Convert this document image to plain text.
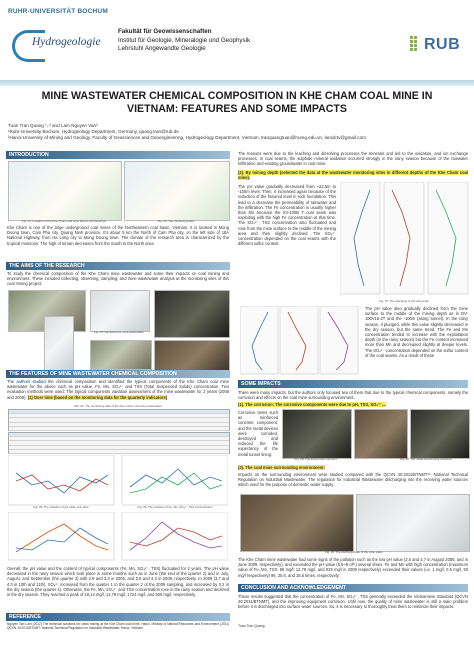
RUHR-UNIVERSITÄT BOCHUM
Hydrogeologie
Fakultät für Geowissenschaften
Institut für Geologie, Mineralogie und Geophysik
Lehrstuhl Angewandte Geologie	RUB
MINE WASTEWATER CHEMICAL COMPOSITION IN KHE CHAM COAL MINE IN VIETNAM: FEATURES AND SOME IMPACTS
Tuan Tran Quang ¹, ² and Lam Nguyen Van²
¹Ruhr-University Bochum, Hydrogeology Department, Germany, quang.tran@rub.de
²Hanoi University of Mining and Geology, Faculty of Geosciences and Geoengineering, Hydrogeology Department, Vietnam, tranquangtuan@humg.edu.vn, lamdctv@gmail.com
INTRODUCTION
Fig. 01: Location of the Khe Cham coal mine and its surroundings	Fig. 02: The monitoring sites
Khe Cham is one of the large underground coal mines of the Northeastern coal basin, Vietnam. It is located in Mong Duong town, Cam Pha city, Quang Ninh province. It's about 5 km the North of Cam Pha city, on the left side of 18A National Highway, from Ha Long city to Mong Duong town. The climate of the research area is characterized by the tropical monsoon. The high of terrain decreases from the South to the North area.
THE AIMS OF THE RESEARCH
To study the chemical composition of the Khe Cham mine wastewater and some their impacts on coal mining and environment. These included collecting, observing, sampling, and mine wastewater analysis at the monitoring sites of this coal mining project.
Fig. 03: Sampling the mine wastewater
THE FEATURES OF MINE WASTEWATER CHEMICAL COMPOSITION
The authors studied the chemical composition and identified the typical components of the Khe Cham coal mine wastewater for the above such as pH value, Fe, Mn, SO₄²⁻ and TSS (Total Suspended Solids) concentration. Two evaluation methods were used: The typical components variation assessment of the mine wastewater for 2 years (2006 and 2009). (1) Over time (based on the monitoring data for the quarterly indicators)
Tab. 01: The monitoring data of the Khe Cham coal mine wastewater
Fig. 05: The variation of pH value over time	Fig. 06: The variation of Fe, Mn, SO₄²⁻, TSS concentration
Overall, the pH value and the content of typical components (Fe, Mn, SO₄²⁻, TSS) fluctuated for 2 years. The pH value decreased in the rainy season which took place in some months such as in June (the end of the quarter 2) and in July, August, and September (the quarter 3) with 2.9 and 3.3 in 2006, and 3.6 and 3.3 in 2009, respectively. In 2009 (3.7 and 4.3 in 10th and 11th). SO₄²⁻ increased from the quarter 1 to the quarter 2 of the 2009 sampling, and increased by 0.2 in the dry season (the quarter 4). Otherwise, the Fe, Mn, SO₄²⁻ and TSS concentration rose in the rainy season and declined in the dry season. They reached a peak of 18,14 mg/l, 12,79 mg/l, 1724 mg/l, and 925 mg/l, respectively.
REFERENCE
Nguyen Van Lam (2012) The technical solutions for clean mining at the Khe Cham coal mine, Hanoi. Ministry of Natural Resources and Environment (2011) QCVN 40:2011/BTNMT: National Technical Regulation on Industrial Wastewater, Hanoi, Vietnam.
The reasons were due to the leaching and dissolving processes the minerals and led to the oxidation, and ion exchange processes. In coal seams, the sulphide mineral oxidation occurred strongly in the rainy season because of the rainwater infiltration and existing groundwater in coal mine.
(2). By mining depth (selected the data at the wastewater monitoring sites in different depths of the Khe Cham coal mine).
The pH value gradually decreased from +22.5m to -100m level. Then, it increased again because of the reduction of the fissured level in rock foundation. This lead to a decrease the permeability of rainwater and the infiltration. The Fe concentration is usually higher than Mn because the XV-100B T coal seam was exploiting with the high Fe concentration at that time. The SO₄²⁻, TSS concentration also fluctuated and rose from the mine surface to the middle of the mining area and then slightly declined. The SO₄²⁻ concentration depended on the coal seams with the different sulfur content.
Fig. 07: The changing of pH with depth
The pH value also gradually declined from the mine surface to the middle of the mining depth as in DV-100V15-2T and the -100m (along tunnel). In the rainy season, it plunged, while this value slightly decreased in the dry season, but the same trend. The Fe and Mn concentration tended to increase with the exploitation depth (in the rainy season) but the Fe content increased more than Mn and decreased slightly at deeper levels. The SO₄²⁻ concentration depended on the sulfur content of the coal seams. As a result of these
SOME IMPACTS
There were many impacts, but the authors only focused two of them that due to the typical chemical components, namely the corrosion and effects on the coal mine surrounding environment.
(1). The corrosion: The corrosive components were due to pH, TSS, SO₄²⁻,...
Corrosive items such as reinforced concrete component, and the metal devices were corroded, destroyed and reduced the life expectancy of the metal tunnel lining.
Fig. 08: The lining rusts corrosion	Fig. 09: The metal tunnel lining corrosion
(2). The coal mine surrounding environment:
Impacts on the surrounding environment were studied compared with the QCVN 40:2011/BTNMT¹¹: National Technical Regulation on Industrial Wastewater. The regulation for Industrial Wastewater discharging into the receiving water sources which used for the purpose of domestic water supply.
Fig. 10: The discharge lake of the mine water
The Khe Cham mine wastewater had some signs of the pollution such as the low pH value (2.6 and 3.7 in August 2008, and in June 2009, respectively), and exceeded the pH value (5.5~9 of¹¹) several times. Fe and Mn with high concentration (maximum value of Fe, Mn, TSS: 96 mg/l; 12.79 mg/l, and 925 mg/l in 2009 respectively) exceeded their values (i.e. 1 mg/l, 0.5 mg/l, 50 mg/l respectively) 96, 25.6, and 18.5 times, respectively.
CONCLUSION AND ACKNOWLEDGEMENT
These results suggested that the concentration of Fe, Mn, SO₄²⁻, TSS generally exceeded the Vietnamese Standard (QCVN 40:2011/BTNMT), and the improving equipment corrosion. Until now, the quality of mine wastewater is still a main problem before it is discharged into surface water sources. So, it is necessary to thoroughly treat them to minimize their impacts.
Tuan Tran Quang
